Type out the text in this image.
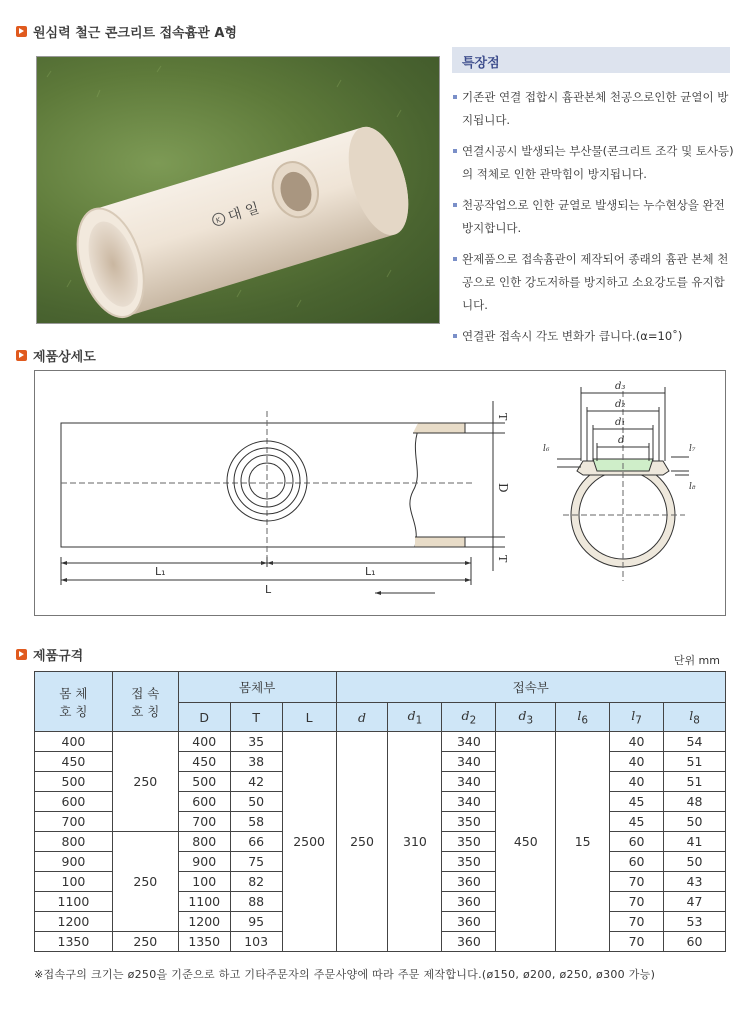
원심력 철근 콘크리트 접속흄관 A형
K 대 일
특장점
기존관 연결 접합시 흄관본체 천공으로인한 균열이 방지됩니다.
연결시공시 발생되는 부산물(콘크리트 조각 및 토사등)의 적체로 인한 관막힘이 방지됩니다.
천공작업으로 인한 균열로 발생되는 누수현상을 완전 방지합니다.
완제품으로 접속흄관이 제작되어 종래의 흄관 본체 천공으로 인한 강도저하를 방지하고 소요강도를 유지합니다.
연결관 접속시 각도 변화가 큽니다.(α=10˚)
제품상세도
T
D
T
L₁	L₁
L
d₃
d₂
d₁
d
l₆	l₇
l₈
제품규격	단위 mm
몸 체
호 칭	접 속
호 칭	몸체부			접속부						
		D	T	L	d	$d_1$	$d_2$	$d_3$	$l_6$	$l_7$	$l_8$
400	250	400	35	2500	250	310	340	450	15	40	54
450		450	38				340			40	51
500		500	42				340			40	51
600		600	50				340			45	48
700		700	58				350			45	50
800	250	800	66				350			60	41
900		900	75				350			60	50
100		100	82				360			70	43
1100		1100	88				360			70	47
1200		1200	95				360			70	53
1350	250	1350	103				360			70	60
※접속구의 크기는 ø250을 기준으로 하고 기타주문자의 주문사양에 따라 주문 제작합니다.(ø150, ø200, ø250, ø300 가능)
